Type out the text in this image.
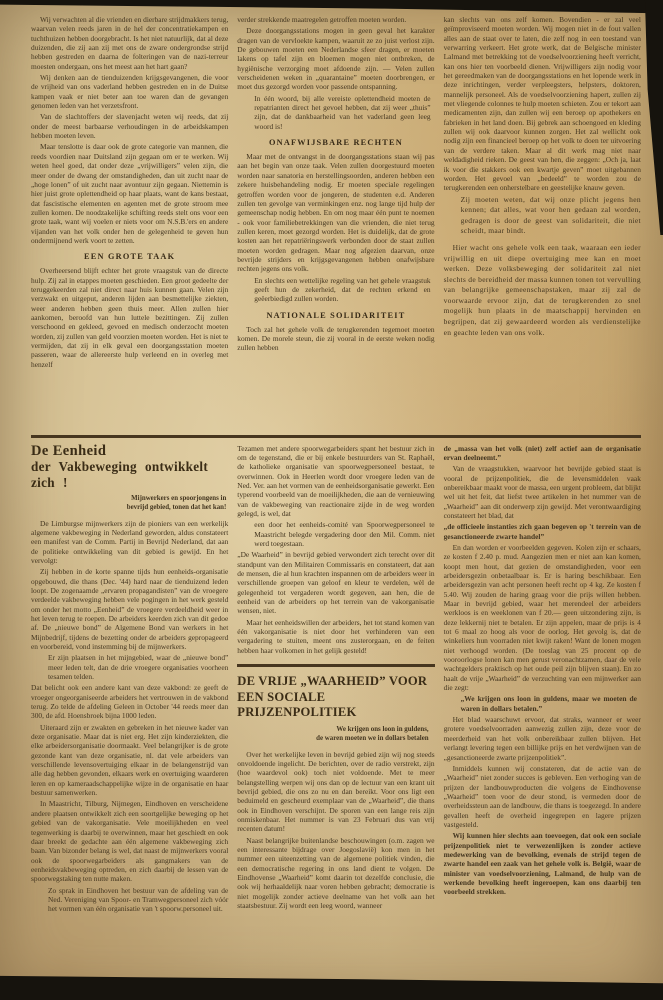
Wij verwachten al die vrienden en dierbare strijdmakkers terug, waarvan velen reeds jaren in de hel der concentratiekampen en tuchthuizen hebben doorgebracht. Is het niet natuurlijk, dat al deze duizenden, die zij aan zij met ons de zware ondergrondse strijd hebben gestreden en daarna de folteringen van de nazi-terreur moesten ondergaan, ons het meest aan het hart gaan?

Wij denken aan de tienduizenden krijgsgevangenen, die voor de vrijheid van ons vaderland hebben gestreden en in de Duitse kampen vaak er niet beter aan toe waren dan de gevangen genomen leden van het verzetsfront.

Van de slachtoffers der slavenjacht weten wij reeds, dat zij onder de meest barbaarse verhoudingen in de arbeidskampen hebben moeten leven.

Maar tenslotte is daar ook de grote categorie van mannen, die reeds voordien naar Duitsland zijn gegaan om er te werken. Wij weten heel goed, dat onder deze „vrijwilligers” velen zijn, die meer onder de dwang der omstandigheden, dan uit zucht naar de „hoge lonen” of uit zucht naar avontuur zijn gegaan. Niettemin is hier juist grote oplettendheid op haar plaats, want de kans bestaat, dat fascistische elementen en agenten met de grote stroom mee zullen komen. De noodzakelijke schifting reeds stelt ons voor een grote taak, want wij voelen er niets voor om N.S.B.'ers en andere vijanden van het volk onder hen de gelegenheid te geven hun ondermijnend werk voort te zetten.

EEN GROTE TAAK

Overheersend blijft echter het grote vraagstuk van de directe hulp. Zij zal in etappes moeten geschieden. Een groot gedeelte der teruggekeerden zal niet direct naar huis kunnen gaan. Velen zijn verzwakt en uitgeput, anderen lijden aan besmettelijke ziekten, weer anderen hebben geen thuis meer. Allen zullen hier aankomen, beroofd van hun luttele bezittingen. Zij zullen verschoond en gekleed, gevoed en medisch onderzocht moeten worden, zij zullen van geld voorzien moeten worden. Het is niet te vermijden, dat zij in elk geval een doorgangsstation moeten passeren, waar de allereerste hulp verleend en in overleg met henzelf

verder strekkende maatregelen getroffen moeten worden.

Deze doorgangsstations mogen in geen geval het karakter dragen van de vervloekte kampen, waaruit ze zo juist verlost zijn. De gebouwen moeten een Nederlandse sfeer dragen, er moeten lakens op tafel zijn en bloemen mogen niet ontbreken, de hygiënische verzorging moet afdoende zijn. — Velen zullen verscheidenen weken in „quarantaine” moeten doorbrengen, er moet dus gezorgd worden voor passende ontspanning.

In één woord, bij alle vereiste oplettendheid moeten de repatrianten direct het gevoel hebben, dat zij weer „thuis” zijn, dat de dankbaarheid van het vaderland geen leeg woord is!

ONAFWIJSBARE RECHTEN

Maar met de ontvangst in de doorgangsstations staan wij pas aan het begin van onze taak. Velen zullen doorgestuurd moeten worden naar sanatoria en herstellingsoorden, anderen hebben een zekere huisbehandeling nodig. Er moeten speciale regelingen getroffen worden voor de jongeren, de studenten e.d. Anderen zullen ten gevolge van verminkingen enz. nog lange tijd hulp der gemeenschap nodig hebben. En om nog maar één punt te noemen - ook voor familiebetrekkingen van die vrienden, die niet terug zullen keren, moet gezorgd worden. Het is duidelijk, dat de grote kosten aan het repatriëringswerk verbonden door de staat zullen moeten worden gedragen. Maar nog afgezien daarvan, onze bevrijde strijders en krijgsgevangenen hebben onafwijsbare rechten jegens ons volk.

En slechts een wettelijke regeling van het gehele vraagstuk geeft hun de zekerheid, dat de rechten erkend en geëerbiedigd zullen worden.

NATIONALE SOLIDARITEIT

Toch zal het gehele volk de terugkerenden tegemoet moeten komen. De morele steun, die zij vooral in de eerste weken nodig zullen hebben

kan slechts van ons zelf komen. Bovendien - er zal veel geïmproviseerd moeten worden. Wij mogen niet in de fout vallen alles aan de staat over te laten, die zelf nog in een toestand van verwarring verkeert. Het grote werk, dat de Belgische minister Lalmand met betrekking tot de voedselvoorziening heeft verricht, kan ons hier ten voorbeeld dienen. Vrijwilligers zijn nodig voor het gereedmaken van de doorgangsstations en het lopende werk in deze inrichtingen, verder verpleegsters, helpsters, doktoren, mannelijk personeel. Als de voedselvoorziening hapert, zullen zij met vliegende colonnes te hulp moeten schieten. Zou er tekort aan medicamenten zijn, dan zullen wij een beroep op apothekers en fabrieken in het land doen. Bij gebrek aan schoengoed en kleding zullen wij ook daarvoor kunnen zorgen. Het zal wellicht ook nodig zijn een financieel beroep op het volk te doen ter uitvoering van de verdere taken. Maar al dit werk mag niet naar weldadigheid rieken. De geest van hen, die zeggen: „Och ja, laat ik voor die stakkers ook een kwartje geven” moet uitgebannen worden. Het gevoel van „bedeeld” te worden zou de terugkerenden een onherstelbare en geestelijke knauw geven.

Zij moeten weten, dat wij onze plicht jegens hen kennen; dat alles, wat voor hen gedaan zal worden, gedragen is door de geest van solidariteit, die niet scheidt, maar bindt.

Hier wacht ons gehele volk een taak, waaraan een ieder vrijwillig en uit diepe overtuiging mee kan en moet werken. Deze volksbeweging der solidariteit zal niet slechts de bereidheid der massa kunnen tonen tot vervulling van belangrijke gemeenschapstaken, maar zij zal de voorwaarde ervoor zijn, dat de terugkerenden zo snel mogelijk hun plaats in de maatschappij hervinden en begrijpen, dat zij gewaardeerd worden als verdienstelijke en geachte leden van ons volk.

De Eenheid
der Vakbeweging ontwikkelt zich !
Mijnwerkers en spoorjongens in
bevrijd gebied, tonen dat het kan!

De Limburgse mijnwerkers zijn de pioniers van een werkelijk algemene vakbeweging in Nederland geworden, aldus constateert een manifest van de Comm. Partij in Bevrijd Nederland, dat aan de politieke ontwikkeling van dit gebied is gewijd. En het vervolgt:

Zij hebben in de korte spanne tijds hun eenheids-organisatie opgebouwd, die thans (Dec. '44) hard naar de tienduizend leden loopt. De zogenaamde „ervaren propagandisten” van de vroegere verdeelde vakbeweging hebben vele pogingen in het werk gesteld om onder het motto „Eenheid” de vroegere verdeeldheid weer in het leven terug te roepen. De arbeiders keerden zich van dit gedoe af. De „nieuwe bond” de Algemene Bond van werkers in het Mijnbedrijf, tijdens de bezetting onder de arbeiders gepropageerd en voorbereid, vond instemming bij de mijnwerkers.

Er zijn plaatsen in het mijngebied, waar de „nieuwe bond” meer leden telt, dan de drie vroegere organisaties voorheen tesamen telden.

Dat belicht ook een andere kant van deze vakbond: ze geeft de vroeger ongeorganiseerde arbeiders het vertrouwen in de vakbond terug. Zo telde de afdeling Geleen in October '44 reeds meer dan 300, de afd. Hoensbroek bijna 1000 leden.

Uiteraard zijn er zwakten en gebreken in het nieuwe kader van deze organisatie. Maar dat is niet erg. Het zijn kinderziekten, die elke arbeidersorganisatie doormaakt. Veel belangrijker is de grote gezonde kant van deze organisatie, nl. dat vele arbeiders van verschillende levensovertuiging elkaar in de belangenstrijd van alle dag hebben gevonden, elkaars werk en overtuiging waarderen leren en op kameraadschappelijke wijze in de organisatie en haar bestuur samenwerken.

In Maastricht, Tilburg, Nijmegen, Eindhoven en verscheidene andere plaatsen ontwikkelt zich een soortgelijke beweging op het gebied van de vakorganisatie. Vele moeilijkheden en veel tegenwerking is daarbij te overwinnen, maar het geschiedt en ook daar breekt de gedachte aan één algemene vakbeweging zich baan. Van bizonder belang is wel, dat naast de mijnwerkers vooral ook de spoorwegarbeiders als gangmakers van de eenheidsvakbeweging optreden, en zich daarbij de lessen van de spoorwegstaking ten nutte maken.

Zo sprak in Eindhoven het bestuur van de afdeling van de Ned. Vereniging van Spoor- en Tramwegpersoneel zich vóór het vormen van één organisatie van 't spoorw.personeel uit.

Tezamen met andere spoorwegarbeiders spant het bestuur zich in om de tegenstand, die er bij enkele bestuurders van St. Raphaël, de katholieke organisatie van spoorwegpersoneel bestaat, te overwinnen. Ook in Heerlen wordt door vroegere leden van de Ned. Ver. aan het vormen van de eenheidsorganisatie gewerkt. Een typerend voorbeeld van de moeilijkheden, die aan de vernieuwing van de vakbeweging van reactionaire zijde in de weg worden gelegd, is wel, dat

een door het eenheids-comité van Spoorwegpersoneel te Maastricht belegde vergadering door den Mil. Comm. niet werd toegestaan.

„De Waarheid” in bevrijd gebied verwondert zich terecht over dit standpunt van den Militairen Commissaris en constateert, dat aan de mensen, die al hun krachten inspannen om de arbeiders weer in verschillende groepen van geloof en kleur te verdelen, wèl de gelegenheid tot vergaderen wordt gegeven, aan hen, die de eenheid van de arbeiders op het terrein van de vakorganisatie wensen, niet.

Maar het eenheidswillen der arbeiders, het tot stand komen van één vakorganisatie is niet door het verhinderen van een vergadering te stuiten, meent ons zusterorgaan, en de feiten hebben haar volkomen in het gelijk gesteld!

DE VRIJE „WAARHEID” VOOR
EEN SOCIALE PRIJZENPOLITIEK
We krijgen ons loon in guldens,
de waren moeten we in dollars betalen

Over het werkelijke leven in bevrijd gebied zijn wij nog steeds onvoldoende ingelicht. De berichten, over de radio verstrekt, zijn (hoe waardevol ook) toch niet voldoende. Met te meer belangstelling werpen wij ons dan op de lectuur van een krant uit bevrijd gebied, die ons zo nu en dan bereikt. Voor ons ligt een beduimeld en gescheurd exemplaar van de „Waarheid”, die thans ook in Eindhoven verschijnt. De sporen van een lange reis zijn onmiskenbaar. Het nummer is van 23 Februari dus van vrij recenten datum!

Naast belangrijke buitenlandse beschouwingen (o.m. zagen we een interessante bijdrage over Joegoslavië) kon men in het nummer een uiteenzetting van de algemene politiek vinden, die een democratische regering in ons land dient te volgen. De Eindhovense „Waarheid” komt daarin tot dezelfde conclusie, die ook wij herhaaldelijk naar voren hebben gebracht; democratie is niet mogelijk zonder actieve deelname van het volk aan het staatsbestuur. Zij wordt een leeg woord, wanneer

de „massa van het volk (niet) zelf actief aan de organisatie ervan deelneemt.”

Van de vraagstukken, waarvoor het bevrijde gebied staat is vooral de prijzenpolitiek, die de levensmiddelen vaak onbereikbaar maakt voor de massa, een urgent probleem, dat blijkt wel uit het feit, dat liefst twee artikelen in het nummer van de „Waarheid” aan dit onderwerp zijn gewijd. Met verontwaardiging constateert het blad, dat

„de officieele instanties zich gaan begeven op 't terrein van de gesanctioneerde zwarte handel”

En dan worden er voorbeelden gegeven. Kolen zijn er schaars, ze kosten f 2.40 p. mud. Aangezien men er niet aan kan komen, koopt men hout, dat gezien de omstandigheden, voor een arbeidersgezin onbetaalbaar is. Er is haring beschikbaar. Een arbeidersgezin van acht personen heeft recht op 4 kg. Ze kosten f 5.40. Wij zouden de haring graag voor die prijs willen hebben. Maar in bevrijd gebied, waar het merendeel der arbeiders werkloos is en weeklonen van f 20.— geen uitzondering zijn, is deze lekkernij niet te betalen. Er zijn appelen, maar de prijs is 4 tot 6 maal zo hoog als voor de oorlog. Het gevolg is, dat de winkeliers hun voorraden niet kwijt raken! Want de lonen mogen niet verhoogd worden. (De toeslag van 25 procent op de vooroorlogse lonen kan men gerust veronachtzamen, daar de vele wachtgelders praktisch op het oude peil zijn blijven staan). En zo haalt de vrije „Waarheid” de verzuchting van een mijnwerker aan die zegt:

„We krijgen ons loon in guldens, maar we moeten de waren in dollars betalen.”

Het blad waarschuwt ervoor, dat straks, wanneer er weer grotere voedselvoorraden aanwezig zullen zijn, deze voor de meerderheid van het volk onbereikbaar zullen blijven. Het verlangt levering tegen een billijke prijs en het verdwijnen van de „gesanctioneerde zwarte prijzenpolitiek”.

Inmiddels kunnen wij constateren, dat de actie van de „Waarheid” niet zonder succes is gebleven. Een verhoging van de prijzen der landbouwproducten die volgens de Eindhovense „Waarheid” toen voor de deur stond, is vermeden door de overheidssteun aan de landbouw, die thans is toegezegd. In andere gevallen heeft de overheid ingegrepen en lagere prijzen vastgesteld.

Wij kunnen hier slechts aan toevoegen, dat ook een sociale prijzenpolitiek niet te verwezenlijken is zonder actieve medewerking van de bevolking, evenals de strijd tegen de zwarte handel een zaak van het gehele volk is. België, waar de minister van voedselvoorziening, Lalmand, de hulp van de werkende bevolking heeft ingeroepen, kan ons daarbij ten voorbeeld strekken.
